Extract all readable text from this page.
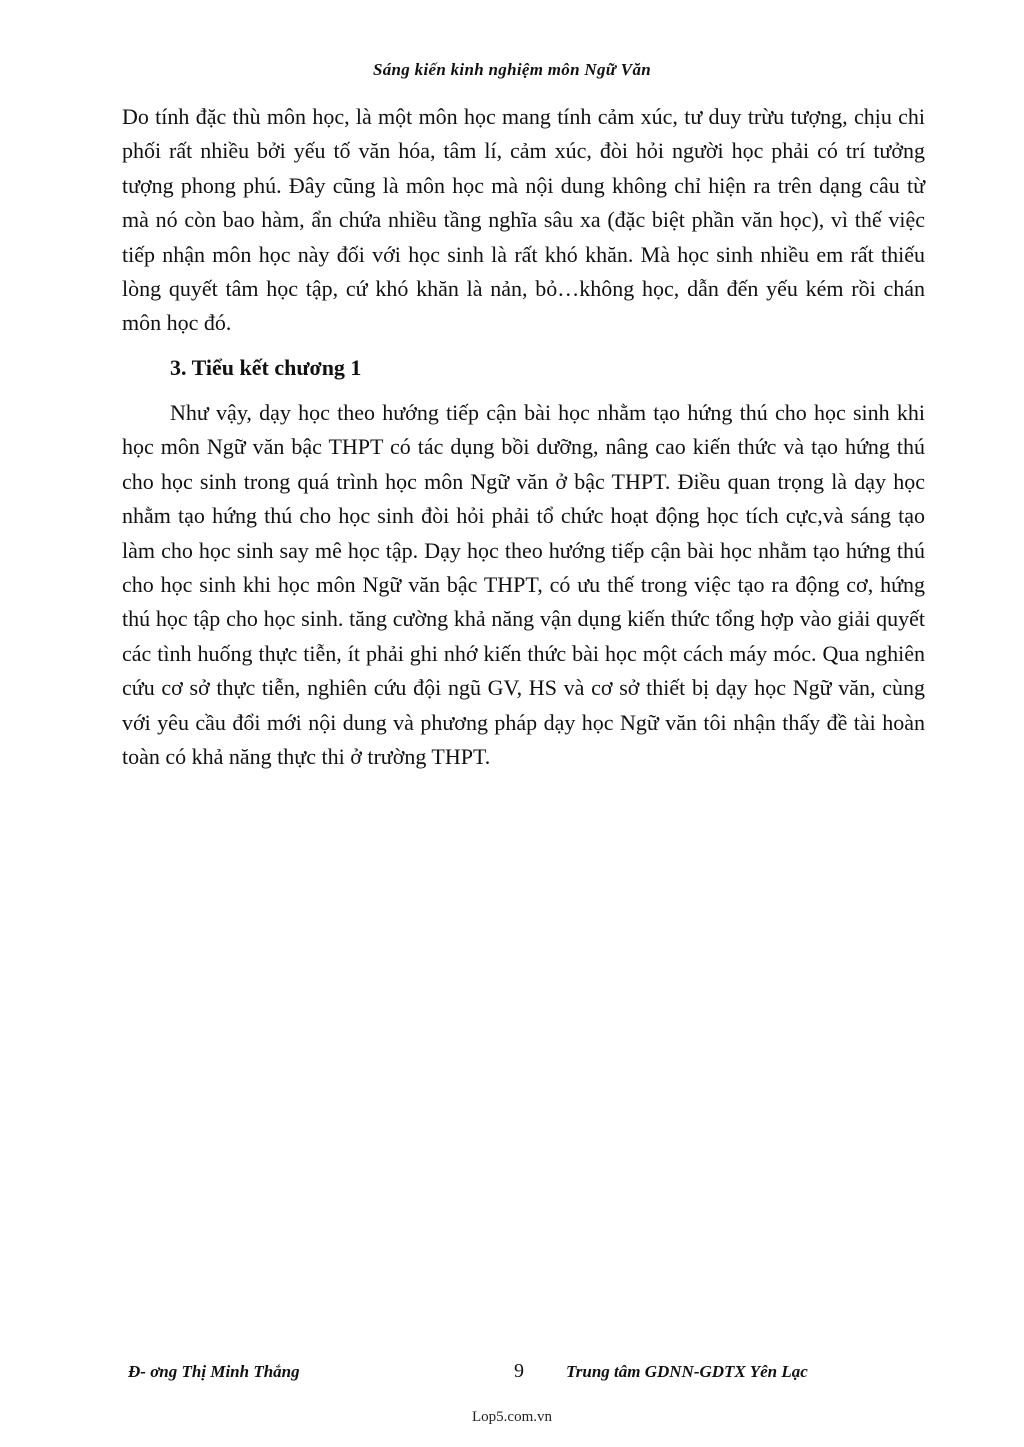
Sáng kiến kinh nghiệm môn Ngữ Văn

Do tính đặc thù môn học, là một môn học mang tính cảm xúc, tư duy trừu tượng, chịu chi phối rất nhiều bởi yếu tố văn hóa, tâm lí, cảm xúc, đòi hỏi người học phải có trí tưởng tượng phong phú. Đây cũng là môn học mà nội dung không chỉ hiện ra trên dạng câu từ mà nó còn bao hàm, ẩn chứa nhiều tầng nghĩa sâu xa (đặc biệt phần văn học), vì thế việc tiếp nhận môn học này đối với học sinh là rất khó khăn. Mà học sinh nhiều em rất thiếu lòng quyết tâm học tập, cứ khó khăn là nản, bỏ…không học, dẫn đến yếu kém rồi chán môn học đó.

3. Tiểu kết chương 1

Như vậy, dạy học theo hướng tiếp cận bài học nhằm tạo hứng thú cho học sinh khi học môn Ngữ văn bậc THPT có tác dụng bồi dưỡng, nâng cao kiến thức và tạo hứng thú cho học sinh trong quá trình học môn Ngữ văn ở bậc THPT. Điều quan trọng là dạy học nhằm tạo hứng thú cho học sinh đòi hỏi phải tổ chức hoạt động học tích cực,và sáng tạo làm cho học sinh say mê học tập. Dạy học theo hướng tiếp cận bài học nhằm tạo hứng thú cho học sinh khi học môn Ngữ văn bậc THPT, có ưu thế trong việc tạo ra động cơ, hứng thú học tập cho học sinh. tăng cường khả năng vận dụng kiến thức tổng hợp vào giải quyết các tình huống thực tiễn, ít phải ghi nhớ kiến thức bài học một cách máy móc. Qua nghiên cứu cơ sở thực tiễn, nghiên cứu đội ngũ GV, HS và cơ sở thiết bị dạy học Ngữ văn, cùng với yêu cầu đổi mới nội dung và phương pháp dạy học Ngữ văn tôi nhận thấy đề tài hoàn toàn có khả năng thực thi ở trường THPT.

Đ- ơng Thị Minh Thắng	9 Trung tâm GDNN-GDTX Yên Lạc
Lop5.com.vn
